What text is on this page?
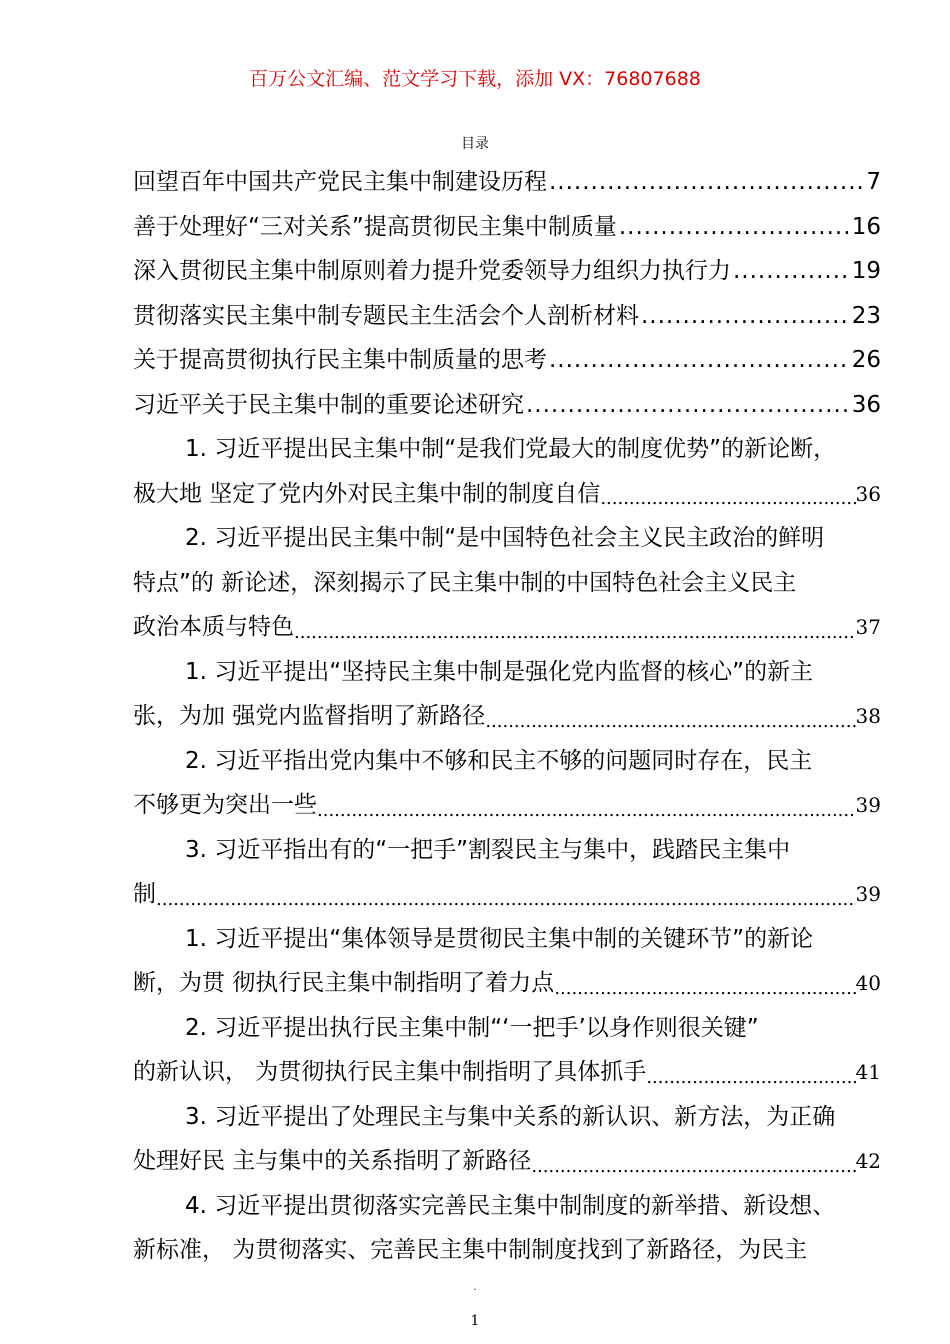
百万公文汇编、范文学习下载，添加 VX：76807688
目录
回望百年中国共产党民主集中制建设历程 .....	7
善于处理好“三对关系”提高贯彻民主集中制质量 .....	16
深入贯彻民主集中制原则着力提升党委领导力组织力执行力 .....	19
贯彻落实民主集中制专题民主生活会个人剖析材料 .....	23
关于提高贯彻执行民主集中制质量的思考 .....	26
习近平关于民主集中制的重要论述研究 .....	36
1. 习近平提出民主集中制“是我们党最大的制度优势”的新论断，
极大地 坚定了党内外对民主集中制的制度自信 .....	36
2. 习近平提出民主集中制“是中国特色社会主义民主政治的鲜明
特点”的 新论述，深刻揭示了民主集中制的中国特色社会主义民主
政治本质与特色 .....	37
1. 习近平提出“坚持民主集中制是强化党内监督的核心”的新主
张，为加 强党内监督指明了新路径 .....	38
2. 习近平指出党内集中不够和民主不够的问题同时存在，民主
不够更为突出一些 .....	39
3. 习近平指出有的“一把手”割裂民主与集中，践踏民主集中
制 .....	39
1. 习近平提出“集体领导是贯彻民主集中制的关键环节”的新论
断，为贯 彻执行民主集中制指明了着力点 .....	40
2. 习近平提出执行民主集中制“‘一把手’以身作则很关键”
的新认识， 为贯彻执行民主集中制指明了具体抓手 .....	41
3. 习近平提出了处理民主与集中关系的新认识、新方法，为正确
处理好民 主与集中的关系指明了新路径 .....	42
4. 习近平提出贯彻落实完善民主集中制制度的新举措、新设想、
新标准， 为贯彻落实、完善民主集中制制度找到了新路径，为民主
.
1
